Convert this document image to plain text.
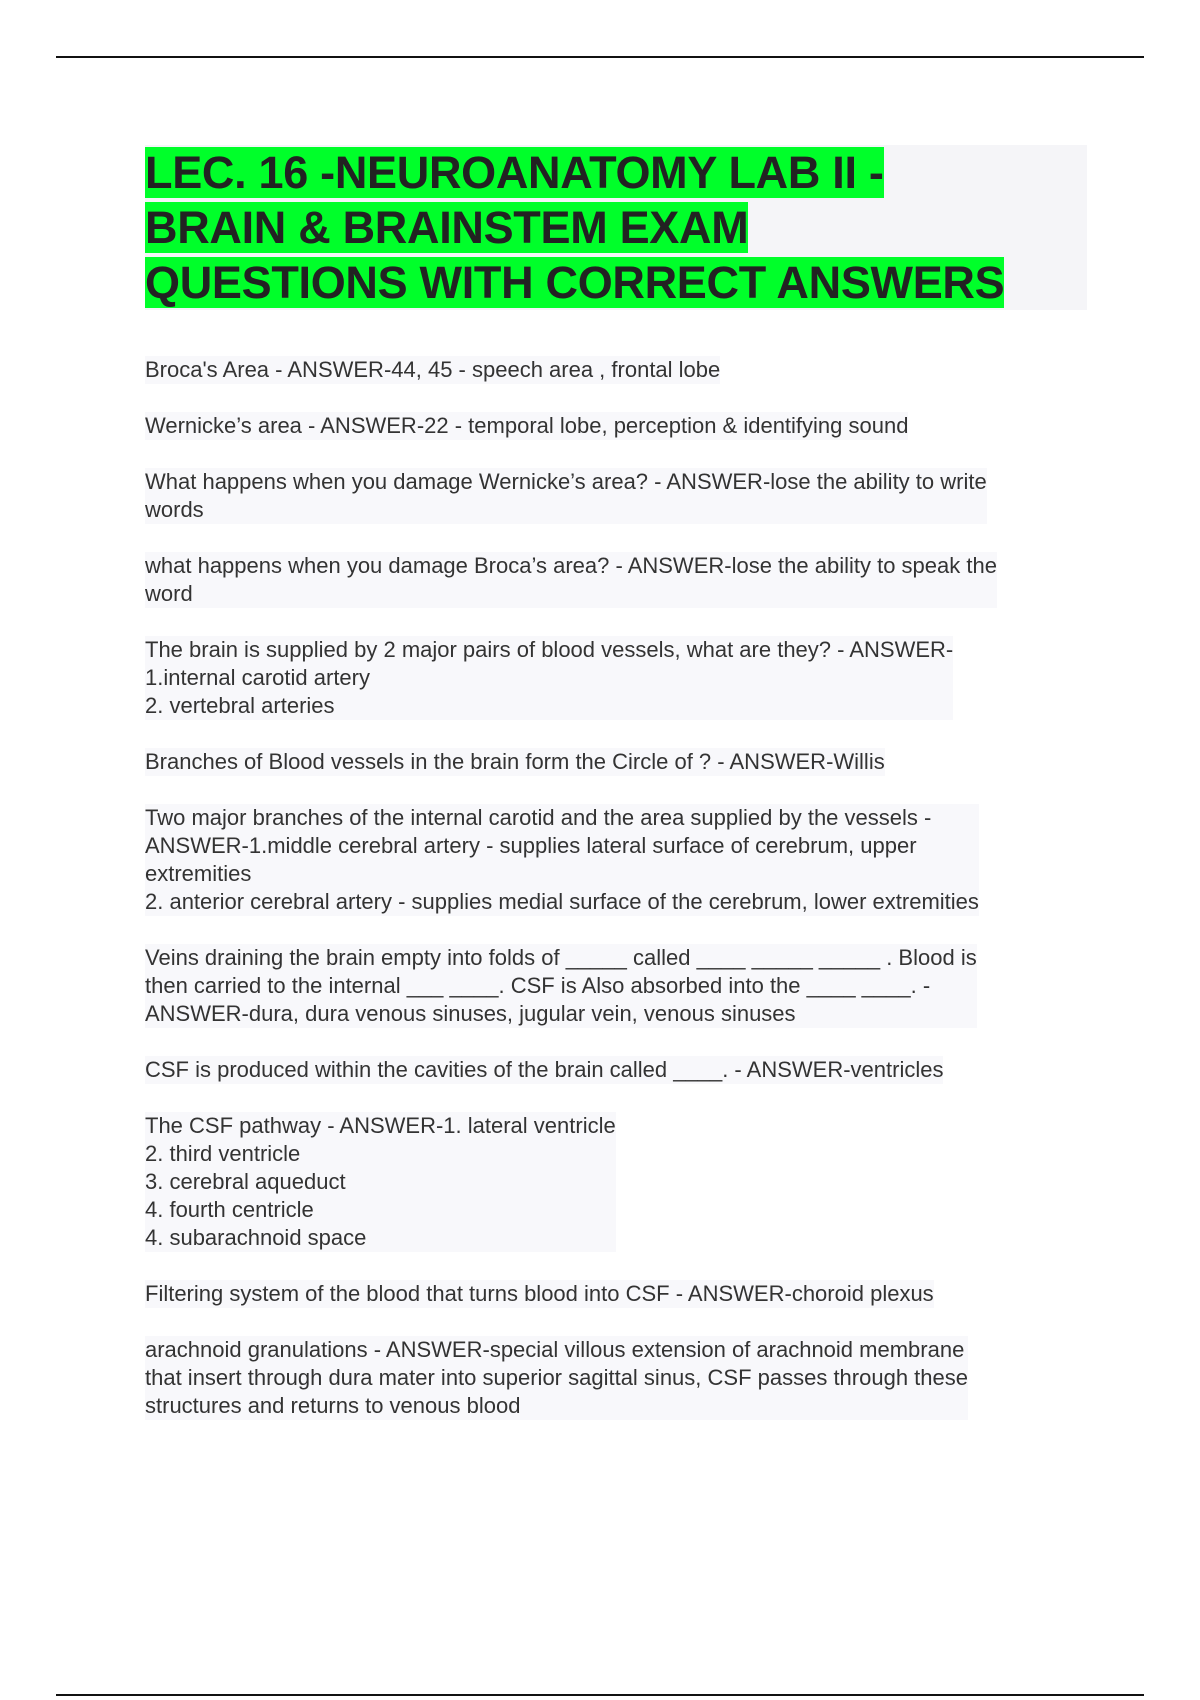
LEC. 16 -NEUROANATOMY LAB II -
BRAIN & BRAINSTEM EXAM
QUESTIONS WITH CORRECT ANSWERS

Broca's Area - ANSWER-44, 45 - speech area , frontal lobe

Wernicke’s area - ANSWER-22 - temporal lobe, perception & identifying sound

What happens when you damage Wernicke’s area? - ANSWER-lose the ability to write
words

what happens when you damage Broca’s area? - ANSWER-lose the ability to speak the
word

The brain is supplied by 2 major pairs of blood vessels, what are they? - ANSWER-
1.internal carotid artery
2. vertebral arteries

Branches of Blood vessels in the brain form the Circle of ? - ANSWER-Willis

Two major branches of the internal carotid and the area supplied by the vessels -
ANSWER-1.middle cerebral artery - supplies lateral surface of cerebrum, upper
extremities
2. anterior cerebral artery - supplies medial surface of the cerebrum, lower extremities

Veins draining the brain empty into folds of _____ called ____ _____ _____ . Blood is
then carried to the internal ___ ____. CSF is Also absorbed into the ____ ____. -
ANSWER-dura, dura venous sinuses, jugular vein, venous sinuses

CSF is produced within the cavities of the brain called ____. - ANSWER-ventricles

The CSF pathway - ANSWER-1. lateral ventricle
2. third ventricle
3. cerebral aqueduct
4. fourth centricle
4. subarachnoid space

Filtering system of the blood that turns blood into CSF - ANSWER-choroid plexus

arachnoid granulations - ANSWER-special villous extension of arachnoid membrane
that insert through dura mater into superior sagittal sinus, CSF passes through these
structures and returns to venous blood
